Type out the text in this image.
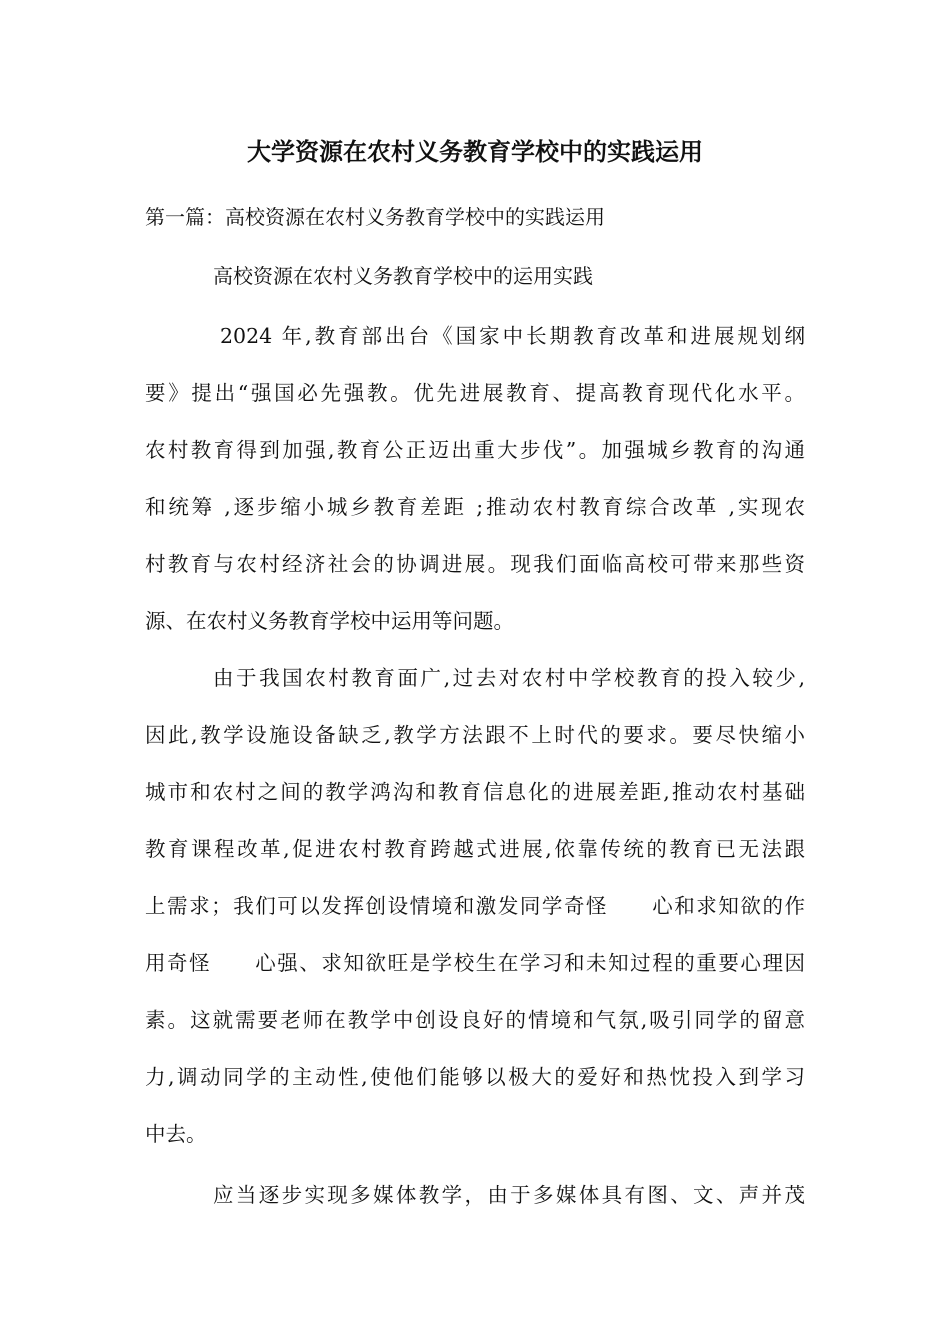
大学资源在农村义务教育学校中的实践运用
第一篇：高校资源在农村义务教育学校中的实践运用
高校资源在农村义务教育学校中的运用实践
2024 年,教育部出台《国家中长期教育改革和进展规划纲
要》提出“强国必先强教。优先进展教育、提高教育现代化水平。
农村教育得到加强,教育公正迈出重大步伐”。加强城乡教育的沟通
和统筹 ,逐步缩小城乡教育差距 ;推动农村教育综合改革 ,实现农
村教育与农村经济社会的协调进展。现我们面临高校可带来那些资
源、在农村义务教育学校中运用等问题。
由于我国农村教育面广,过去对农村中学校教育的投入较少,
因此,教学设施设备缺乏,教学方法跟不上时代的要求。要尽快缩小
城市和农村之间的教学鸿沟和教育信息化的进展差距,推动农村基础
教育课程改革,促进农村教育跨越式进展,依靠传统的教育已无法跟
上需求；我们可以发挥创设情境和激发同学奇怪　　心和求知欲的作
用奇怪　　心强、求知欲旺是学校生在学习和未知过程的重要心理因
素。这就需要老师在教学中创设良好的情境和气氛,吸引同学的留意
力,调动同学的主动性,使他们能够以极大的爱好和热忱投入到学习
中去。
应当逐步实现多媒体教学，由于多媒体具有图、文、声并茂
